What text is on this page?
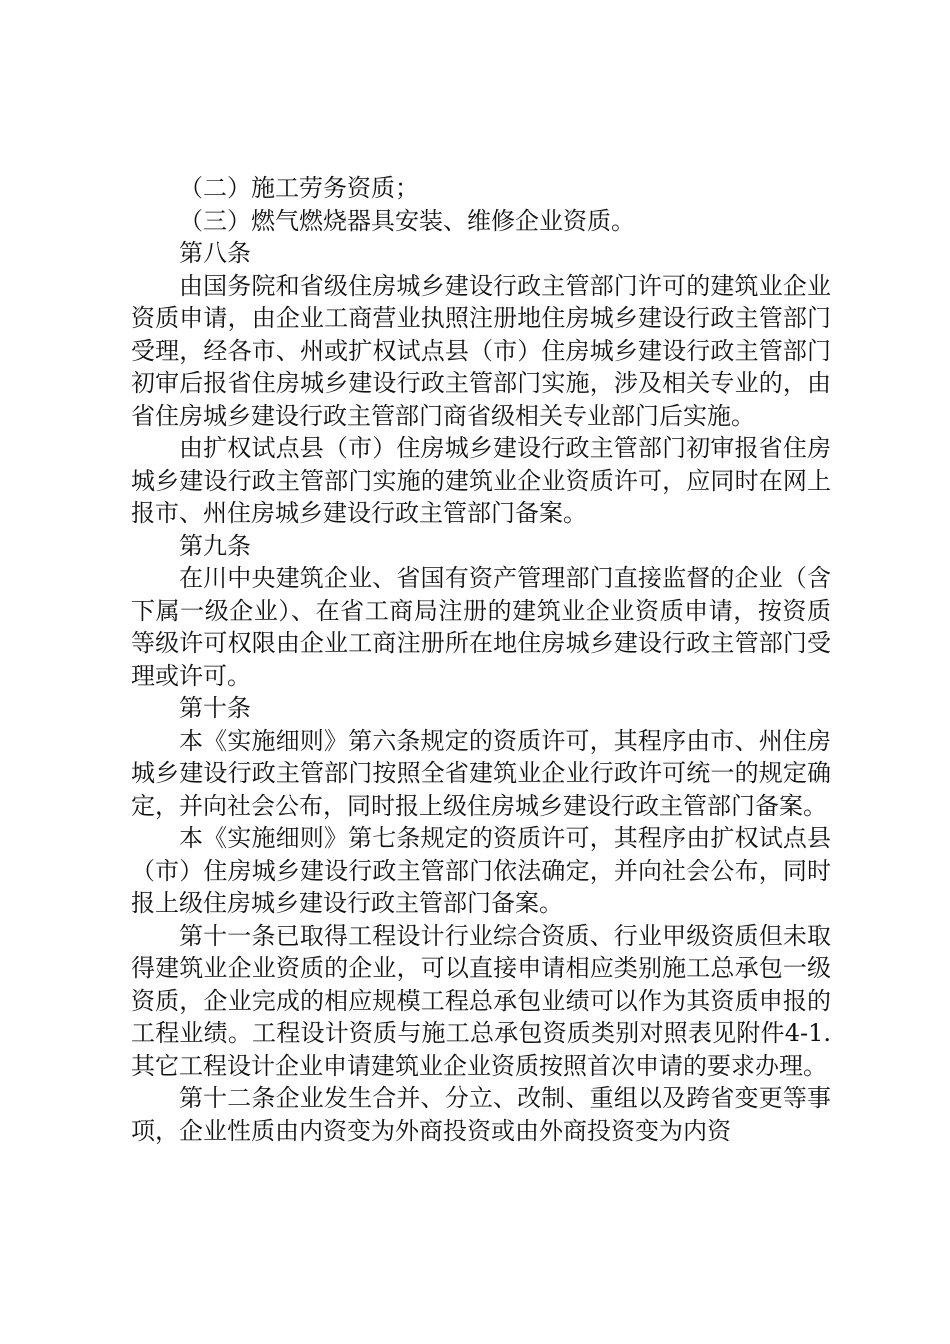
（二）施工劳务资质；

（三）燃气燃烧器具安装、维修企业资质。

第八条

由国务院和省级住房城乡建设行政主管部门许可的建筑业企业资质申请，由企业工商营业执照注册地住房城乡建设行政主管部门受理，经各市、州或扩权试点县（市）住房城乡建设行政主管部门初审后报省住房城乡建设行政主管部门实施，涉及相关专业的，由省住房城乡建设行政主管部门商省级相关专业部门后实施。

由扩权试点县（市）住房城乡建设行政主管部门初审报省住房城乡建设行政主管部门实施的建筑业企业资质许可，应同时在网上报市、州住房城乡建设行政主管部门备案。

第九条

在川中央建筑企业、省国有资产管理部门直接监督的企业（含下属一级企业）、在省工商局注册的建筑业企业资质申请，按资质等级许可权限由企业工商注册所在地住房城乡建设行政主管部门受理或许可。

第十条

本《实施细则》第六条规定的资质许可，其程序由市、州住房城乡建设行政主管部门按照全省建筑业企业行政许可统一的规定确定，并向社会公布，同时报上级住房城乡建设行政主管部门备案。

本《实施细则》第七条规定的资质许可，其程序由扩权试点县（市）住房城乡建设行政主管部门依法确定，并向社会公布，同时报上级住房城乡建设行政主管部门备案。

第十一条已取得工程设计行业综合资质、行业甲级资质但未取得建筑业企业资质的企业，可以直接申请相应类别施工总承包一级资质，企业完成的相应规模工程总承包业绩可以作为其资质申报的工程业绩。工程设计资质与施工总承包资质类别对照表见附件4-1.其它工程设计企业申请建筑业企业资质按照首次申请的要求办理。

第十二条企业发生合并、分立、改制、重组以及跨省变更等事项，企业性质由内资变为外商投资或由外商投资变为内资
